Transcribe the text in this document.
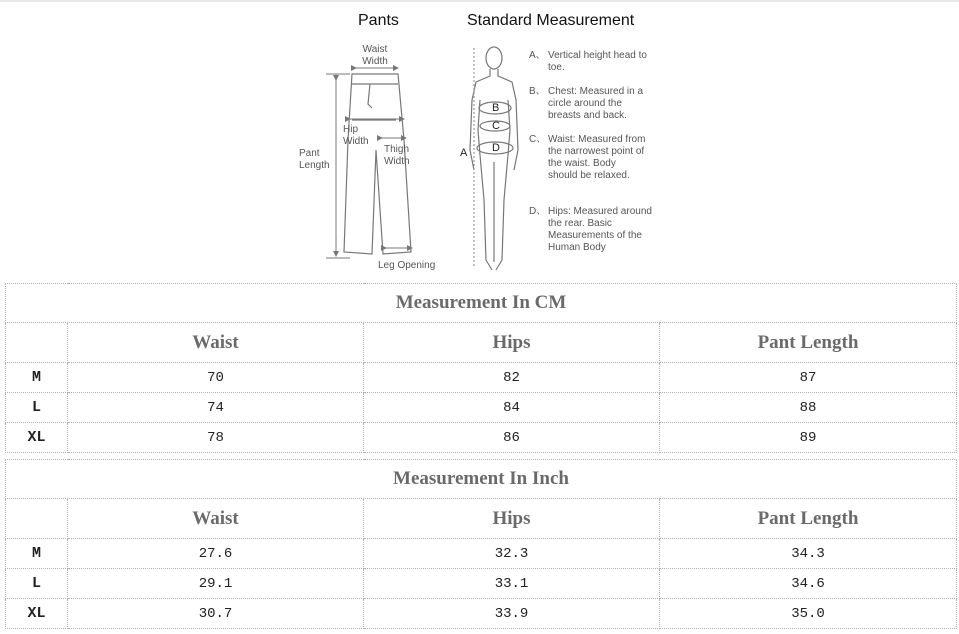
Pants	Standard Measurement
Waist
Width
Hip
Width
Thigh
Width
Pant
Length
Leg Opening
A
B
C
D
A、 Vertical height head to toe.
B、 Chest: Measured in a circle around the breasts and back.
C、 Waist: Measured from the narrowest point of the waist. Body should be relaxed.
D、 Hips: Measured around the rear. Basic Measurements of the Human Body
Measurement In CM			
	Waist	Hips	Pant Length
M	70	82	87
L	74	84	88
XL	78	86	89
Measurement In Inch			
	Waist	Hips	Pant Length
M	27.6	32.3	34.3
L	29.1	33.1	34.6
XL	30.7	33.9	35.0
